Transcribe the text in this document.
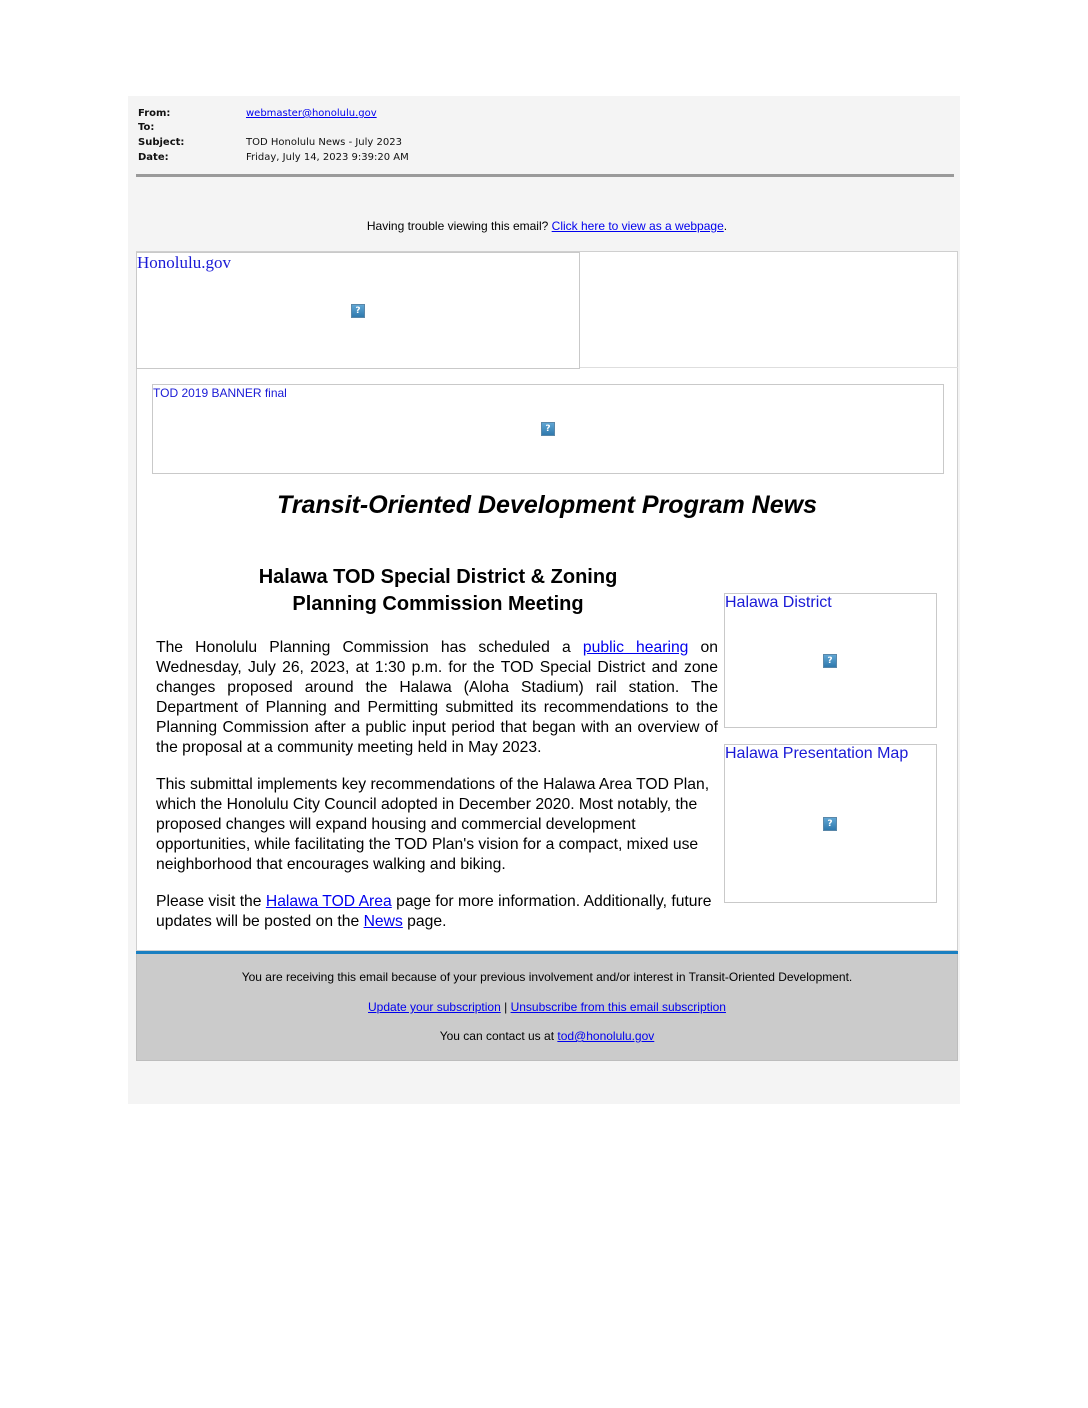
From:	webmaster@honolulu.gov
To:
Subject:	TOD Honolulu News - July 2023
Date:	Friday, July 14, 2023 9:39:20 AM
Having trouble viewing this email? Click here to view as a webpage.
Honolulu.gov
?
TOD 2019 BANNER final
?
Transit-Oriented Development Program News
Halawa TOD Special District & Zoning
Planning Commission Meeting
The Honolulu Planning Commission has scheduled a public hearing on Wednesday, July 26, 2023, at 1:30 p.m. for the TOD Special District and zone changes proposed around the Halawa (Aloha Stadium) rail station. The Department of Planning and Permitting submitted its recommendations to the Planning Commission after a public input period that began with an overview of the proposal at a community meeting held in May 2023.
This submittal implements key recommendations of the Halawa Area TOD Plan, which the Honolulu City Council adopted in December 2020. Most notably, the proposed changes will expand housing and commercial development opportunities, while facilitating the TOD Plan's vision for a compact, mixed use neighborhood that encourages walking and biking.
Please visit the Halawa TOD Area page for more information. Additionally, future updates will be posted on the News page.
Halawa District
?
Halawa Presentation Map
?
You are receiving this email because of your previous involvement and/or interest in Transit-Oriented Development.
Update your subscription | Unsubscribe from this email subscription
You can contact us at tod@honolulu.gov
